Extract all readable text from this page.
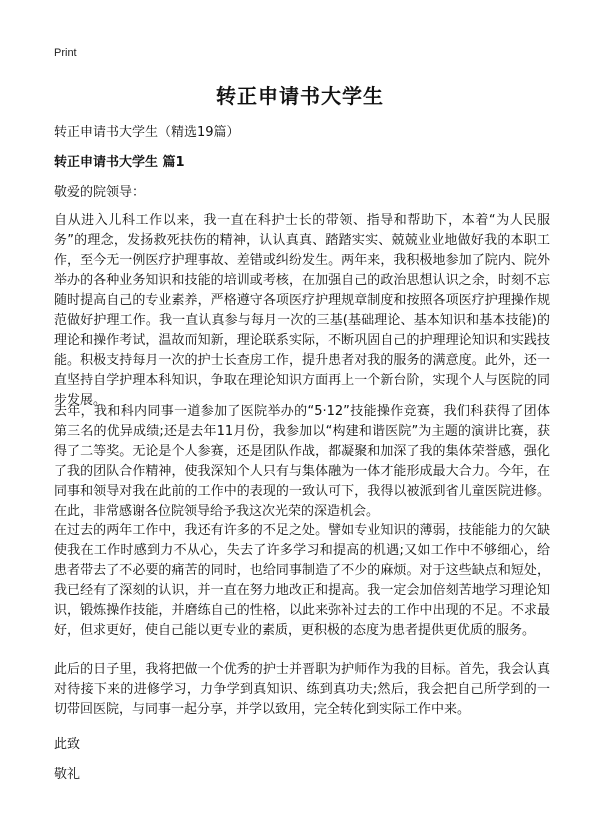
Print
转正申请书大学生
转正申请书大学生（精选19篇）
转正申请书大学生 篇1
敬爱的院领导：

自从进入儿科工作以来，我一直在科护士长的带领、指导和帮助下，本着“为人民服务”的理念，发扬救死扶伤的精神，认认真真、踏踏实实、兢兢业业地做好我的本职工作，至今无一例医疗护理事故、差错或纠纷发生。两年来，我积极地参加了院内、院外举办的各种业务知识和技能的培训或考核，在加强自己的政治思想认识之余，时刻不忘随时提高自己的专业素养，严格遵守各项医疗护理规章制度和按照各项医疗护理操作规范做好护理工作。我一直认真参与每月一次的三基(基础理论、基本知识和基本技能)的理论和操作考试，温故而知新，理论联系实际，不断巩固自己的护理理论知识和实践技能。积极支持每月一次的护士长查房工作，提升患者对我的服务的满意度。此外，还一直坚持自学护理本科知识，争取在理论知识方面再上一个新台阶，实现个人与医院的同步发展。

去年，我和科内同事一道参加了医院举办的“5·12”技能操作竞赛，我们科获得了团体第三名的优异成绩;还是去年11月份，我参加以“构建和谐医院”为主题的演讲比赛，获得了二等奖。无论是个人参赛，还是团队作战，都凝聚和加深了我的集体荣誉感，强化了我的团队合作精神，使我深知个人只有与集体融为一体才能形成最大合力。今年，在同事和领导对我在此前的工作中的表现的一致认可下，我得以被派到省儿童医院进修。在此，非常感谢各位院领导给予我这次光荣的深造机会。

在过去的两年工作中，我还有许多的不足之处。譬如专业知识的薄弱，技能能力的欠缺使我在工作时感到力不从心，失去了许多学习和提高的机遇;又如工作中不够细心，给患者带去了不必要的痛苦的同时，也给同事制造了不少的麻烦。对于这些缺点和短处，我已经有了深刻的认识，并一直在努力地改正和提高。我一定会加倍刻苦地学习理论知识，锻炼操作技能，并磨练自己的性格，以此来弥补过去的工作中出现的不足。不求最好，但求更好，使自己能以更专业的素质，更积极的态度为患者提供更优质的服务。

此后的日子里，我将把做一个优秀的护士并晋职为护师作为我的目标。首先，我会认真对待接下来的进修学习，力争学到真知识、练到真功夫;然后，我会把自己所学到的一切带回医院，与同事一起分享，并学以致用，完全转化到实际工作中来。

此致
敬礼
